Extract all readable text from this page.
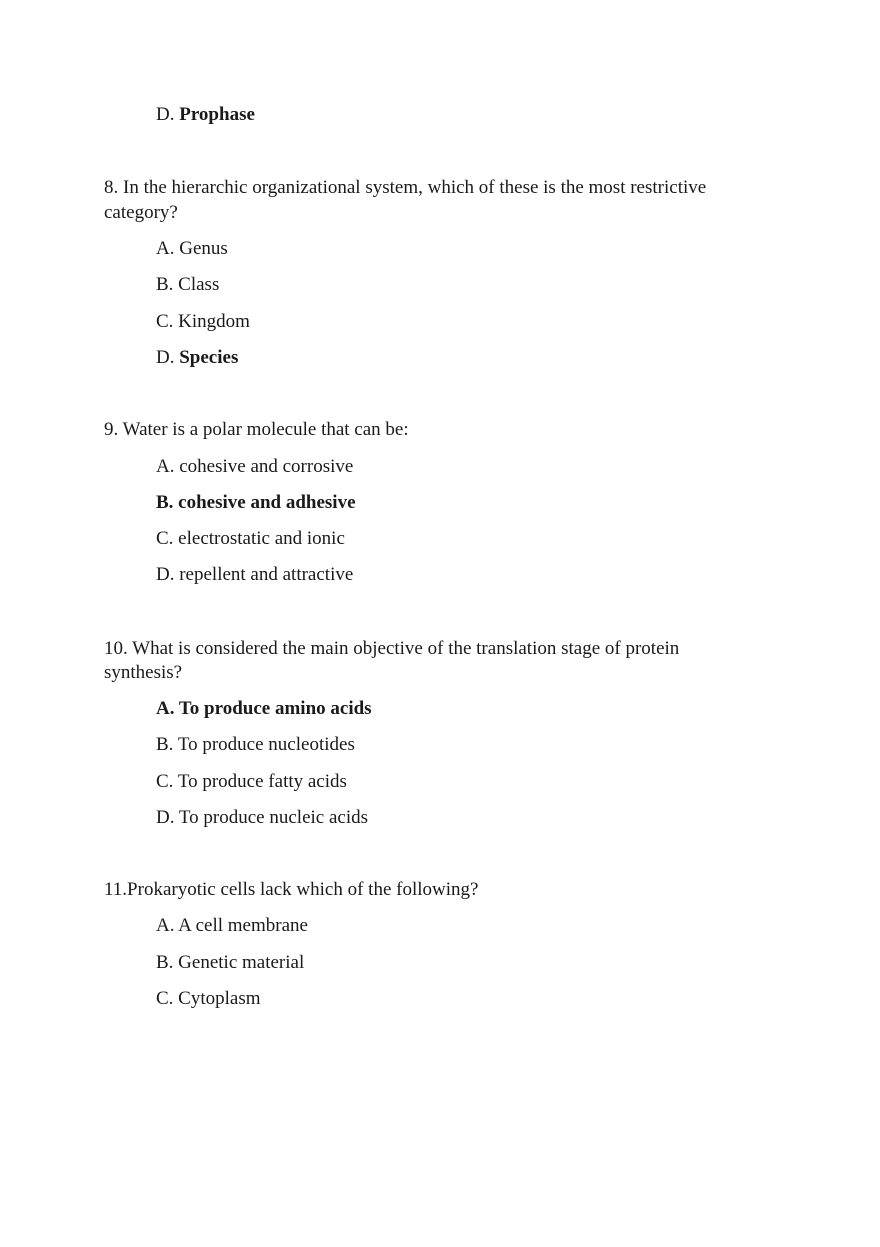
D. Prophase
8. In the hierarchic organizational system, which of these is the most restrictive
category?
A. Genus
B. Class
C. Kingdom
D. Species
9. Water is a polar molecule that can be:
A. cohesive and corrosive
B. cohesive and adhesive
C. electrostatic and ionic
D. repellent and attractive
10. What is considered the main objective of the translation stage of protein
synthesis?
A. To produce amino acids
B. To produce nucleotides
C. To produce fatty acids
D. To produce nucleic acids
11.Prokaryotic cells lack which of the following?
A. A cell membrane
B. Genetic material
C. Cytoplasm
